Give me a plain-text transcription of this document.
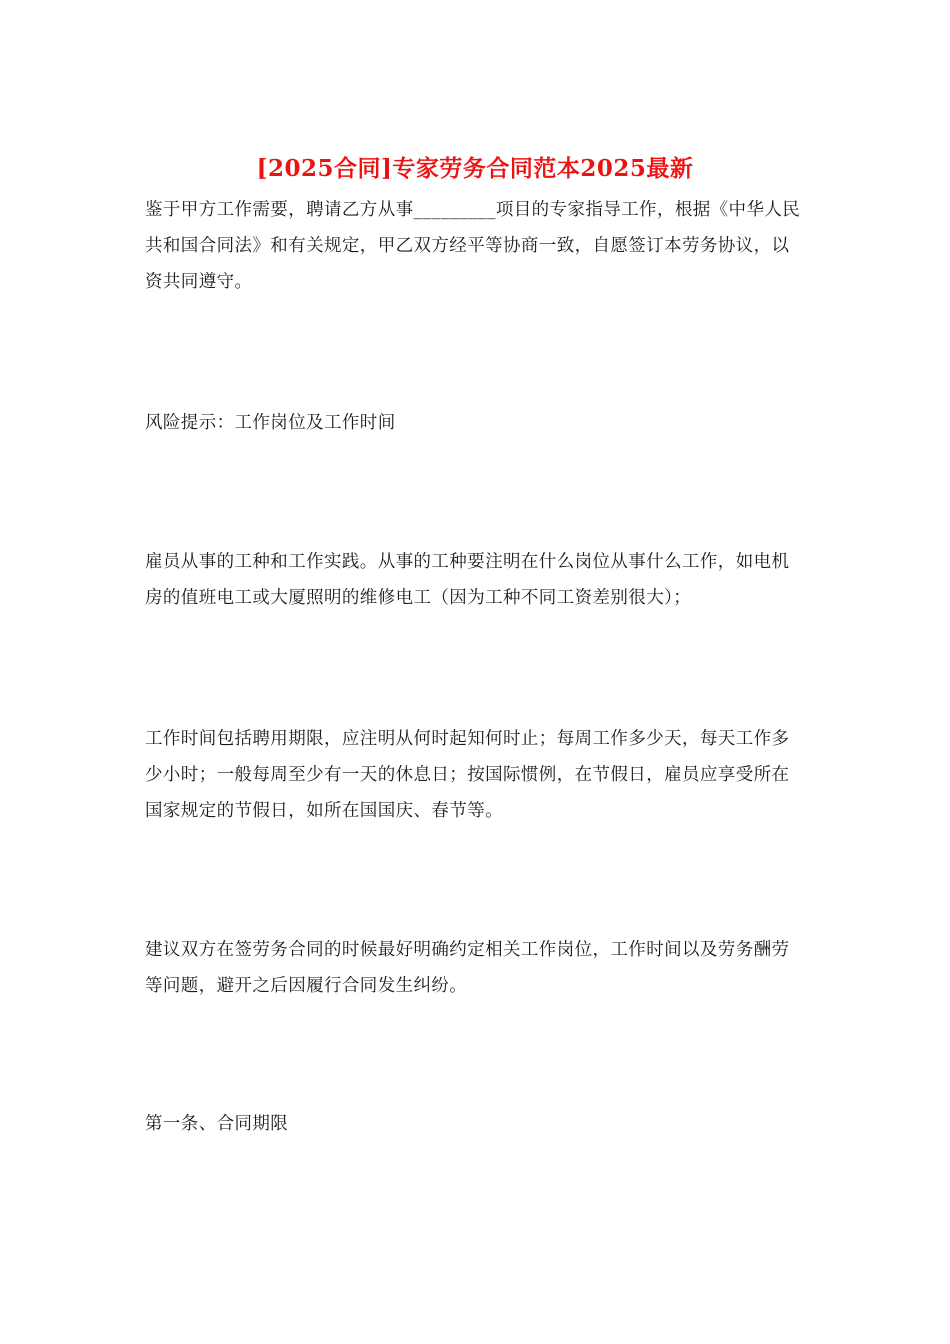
[2025合同]专家劳务合同范本2025最新
鉴于甲方工作需要，聘请乙方从事_________项目的专家指导工作，根据《中华人民共和国合同法》和有关规定，甲乙双方经平等协商一致，自愿签订本劳务协议，以资共同遵守。
风险提示：工作岗位及工作时间
雇员从事的工种和工作实践。从事的工种要注明在什么岗位从事什么工作，如电机房的值班电工或大厦照明的维修电工（因为工种不同工资差别很大）；
工作时间包括聘用期限，应注明从何时起知何时止；每周工作多少天，每天工作多少小时；一般每周至少有一天的休息日；按国际惯例，在节假日，雇员应享受所在国家规定的节假日，如所在国国庆、春节等。
建议双方在签劳务合同的时候最好明确约定相关工作岗位，工作时间以及劳务酬劳等问题，避开之后因履行合同发生纠纷。
第一条、合同期限
